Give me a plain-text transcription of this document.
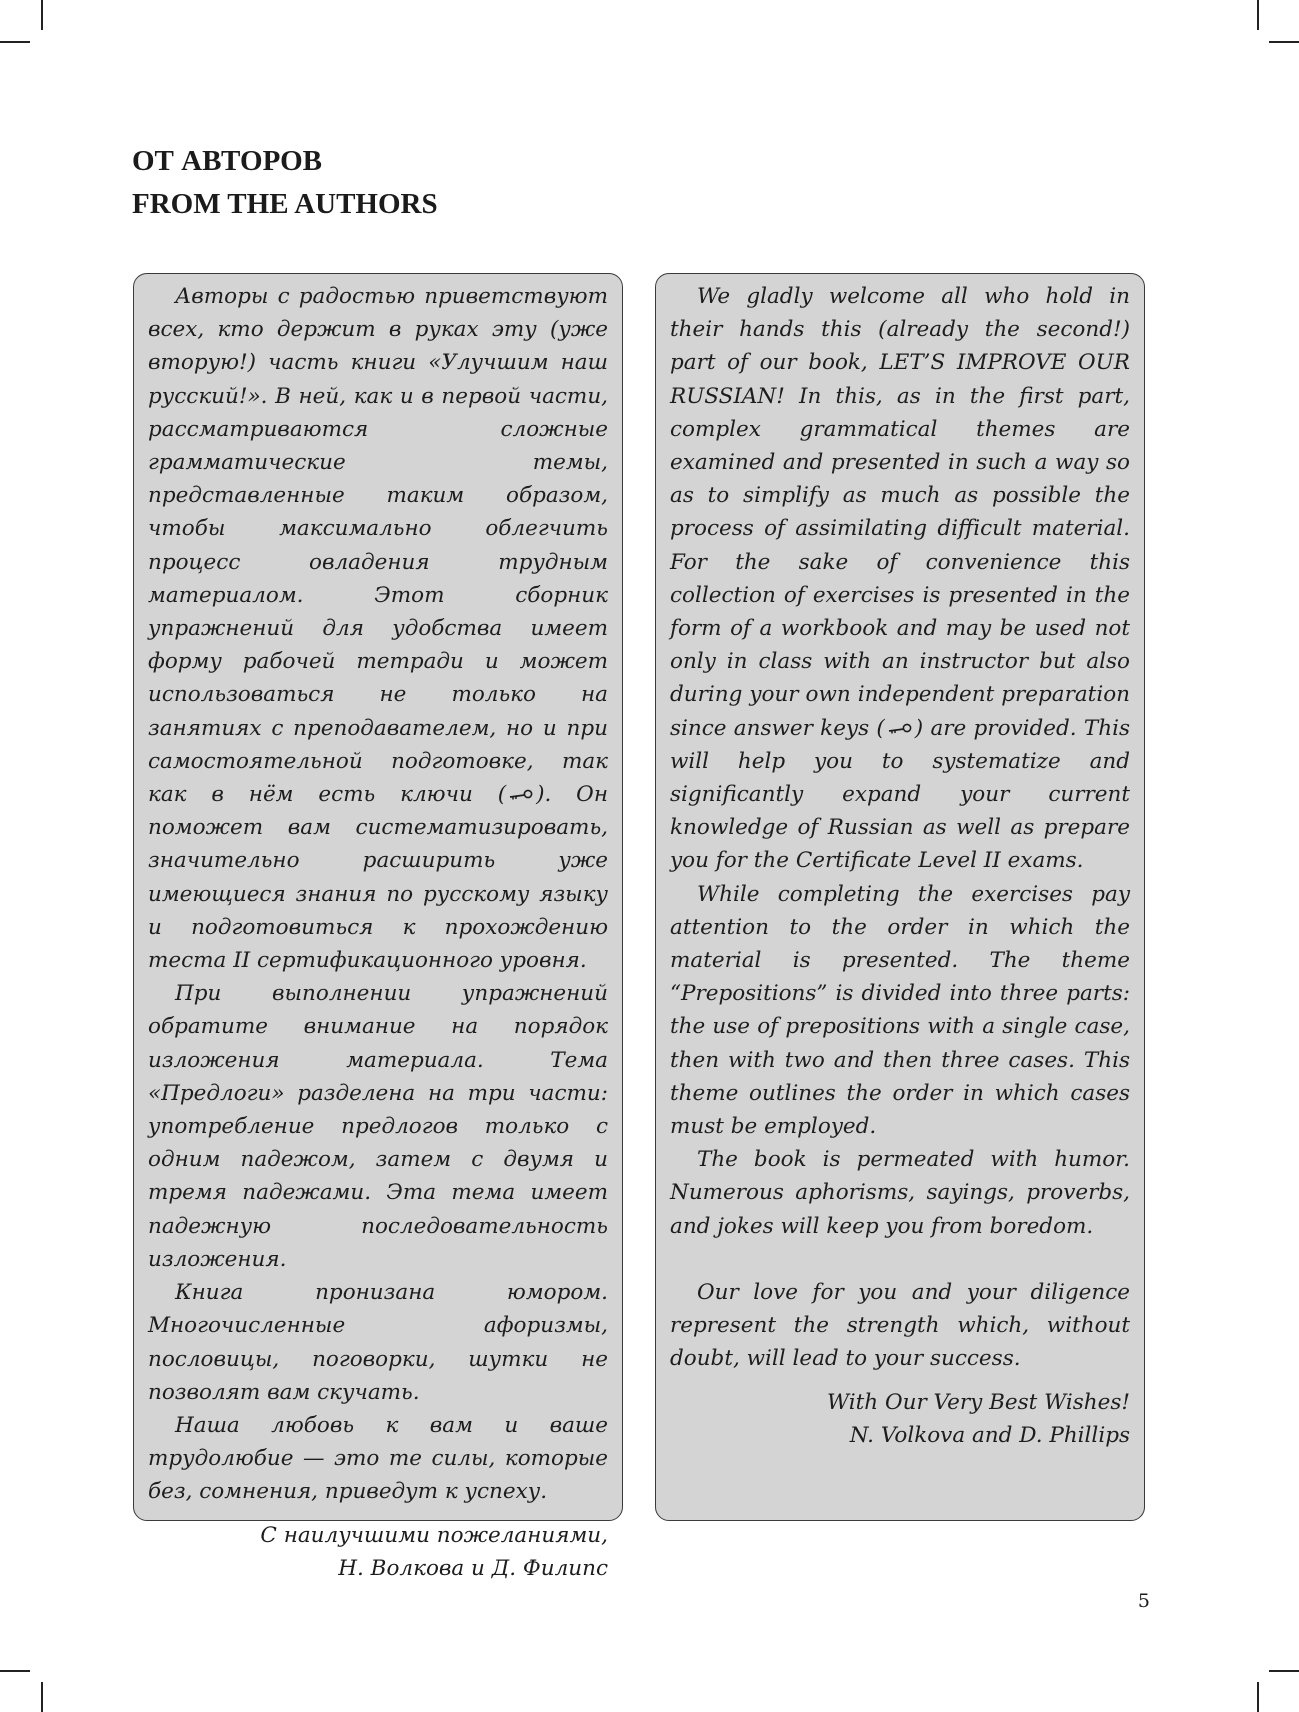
ОТ АВТОРОВ
FROM THE AUTHORS

Авторы с радостью приветствуют всех, кто держит в руках эту (уже вторую!) часть книги «Улучшим наш русский!». В ней, как и в первой части, рассматриваются сложные грамматические темы, представленные таким образом, чтобы максимально облегчить процесс овладения трудным материалом. Этот сборник упражнений для удобства имеет форму рабочей тетради и может использоваться не только на занятиях с преподавателем, но и при самостоятельной подготовке, так как в нём есть ключи ( ). Он поможет вам систематизировать, значительно расширить уже имеющиеся знания по русскому языку и подготовиться к прохождению теста II сертификационного уровня.

При выполнении упражнений обратите внимание на порядок изложения материала. Тема «Предлоги» разделена на три части: употребление предлогов только с одним падежом, затем с двумя и тремя падежами. Эта тема имеет падежную последовательность изложения.

Книга пронизана юмором. Многочисленные афоризмы, пословицы, поговорки, шутки не позволят вам скучать.

Наша любовь к вам и ваше трудолюбие — это те силы, которые без, сомнения, приведут к успеху.

С наилучшими пожеланиями,
Н. Волкова и Д. Филипс

We gladly welcome all who hold in their hands this (already the second!) part of our book, LET’S IMPROVE OUR RUSSIAN! In this, as in the first part, complex grammatical themes are examined and presented in such a way so as to simplify as much as possible the process of assimilating difficult material. For the sake of convenience this collection of exercises is presented in the form of a workbook and may be used not only in class with an instructor but also during your own independent preparation since answer keys ( ) are provided. This will help you to systematize and significantly expand your current knowledge of Russian as well as prepare you for the Certificate Level II exams.

While completing the exercises pay attention to the order in which the material is presented. The theme “Prepositions” is divided into three parts: the use of prepositions with a single case, then with two and then three cases. This theme outlines the order in which cases must be employed.

The book is permeated with humor. Numerous aphorisms, sayings, proverbs, and jokes will keep you from boredom.

Our love for you and your diligence represent the strength which, without doubt, will lead to your success.

With Our Very Best Wishes!
N. Volkova and D. Phillips
5
